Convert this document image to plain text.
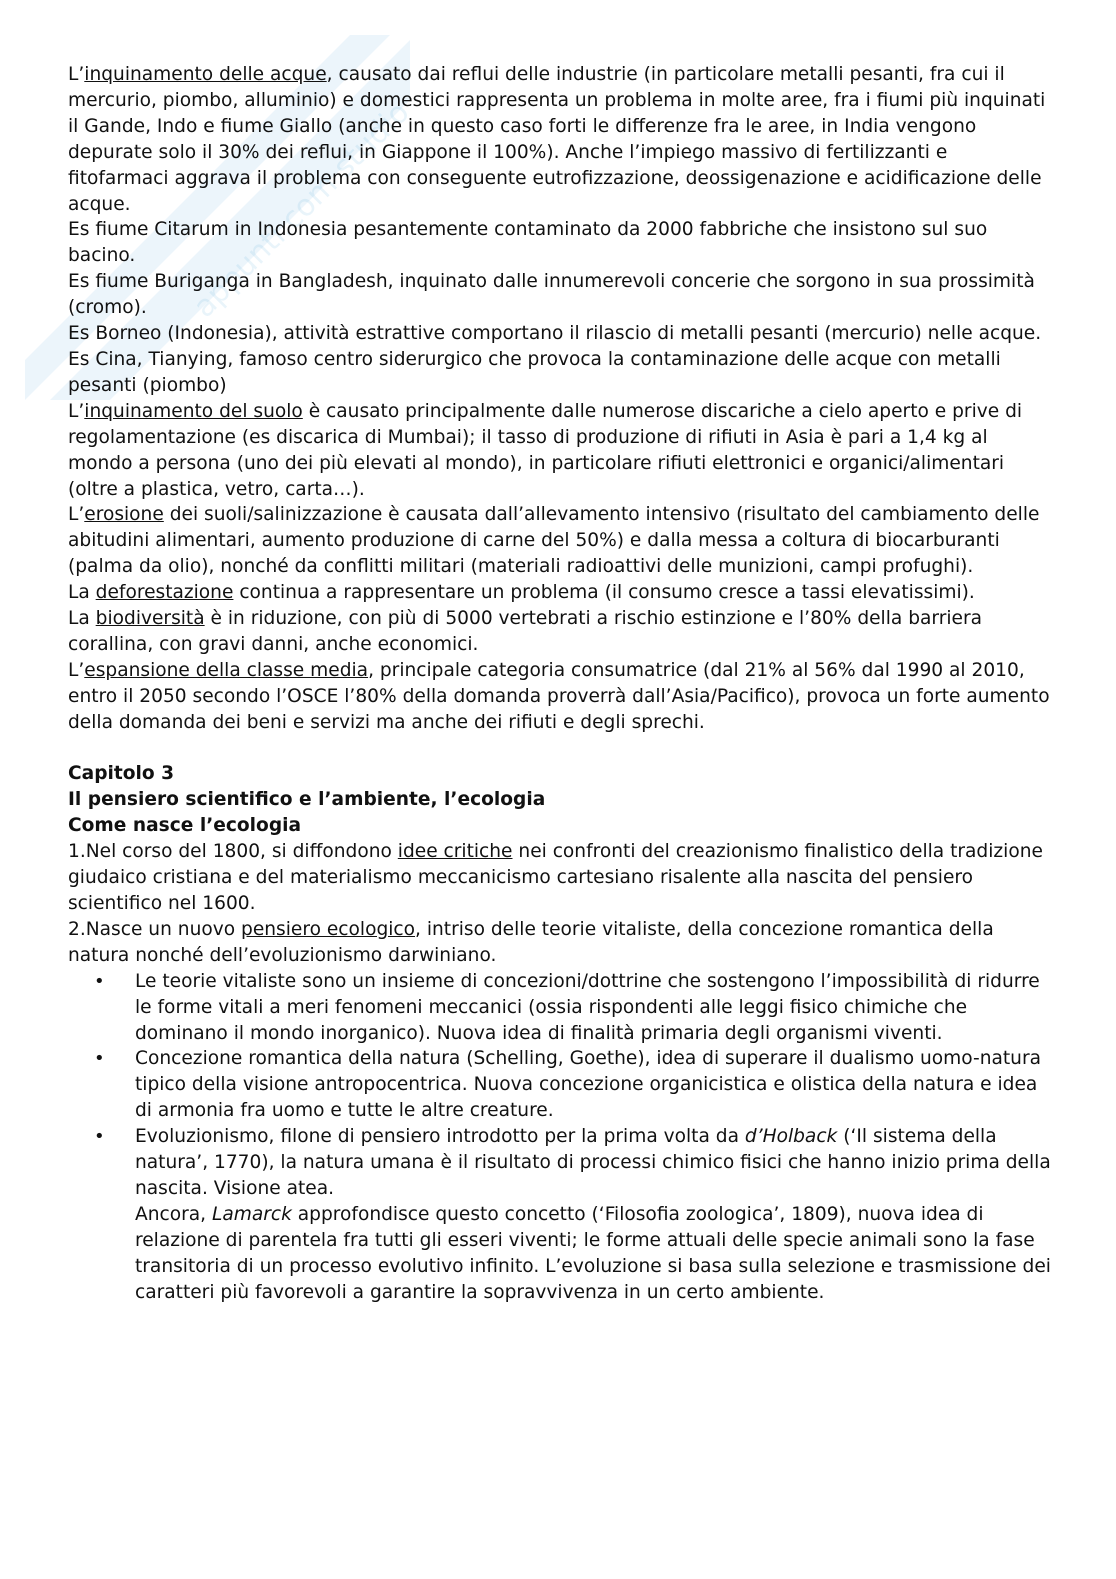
appunti.com studio

L’inquinamento delle acque, causato dai reflui delle industrie (in particolare metalli pesanti, fra cui il mercurio, piombo, alluminio) e domestici rappresenta un problema in molte aree, fra i fiumi più inquinati il Gande, Indo e fiume Giallo (anche in questo caso forti le differenze fra le aree, in India vengono depurate solo il 30% dei reflui, in Giappone il 100%). Anche l’impiego massivo di fertilizzanti e fitofarmaci aggrava il problema con conseguente eutrofizzazione, deossigenazione e acidificazione delle acque.

Es fiume Citarum in Indonesia pesantemente contaminato da 2000 fabbriche che insistono sul suo bacino.

Es fiume Buriganga in Bangladesh, inquinato dalle innumerevoli concerie che sorgono in sua prossimità (cromo).

Es Borneo (Indonesia), attività estrattive comportano il rilascio di metalli pesanti (mercurio) nelle acque.

Es Cina, Tianying, famoso centro siderurgico che provoca la contaminazione delle acque con metalli pesanti (piombo)

L’inquinamento del suolo è causato principalmente dalle numerose discariche a cielo aperto e prive di regolamentazione (es discarica di Mumbai); il tasso di produzione di rifiuti in Asia è pari a 1,4 kg al mondo a persona (uno dei più elevati al mondo), in particolare rifiuti elettronici e organici/alimentari (oltre a plastica, vetro, carta…).

L’erosione dei suoli/salinizzazione è causata dall’allevamento intensivo (risultato del cambiamento delle abitudini alimentari, aumento produzione di carne del 50%) e dalla messa a coltura di biocarburanti (palma da olio), nonché da conflitti militari (materiali radioattivi delle munizioni, campi profughi).

La deforestazione continua a rappresentare un problema (il consumo cresce a tassi elevatissimi).

La biodiversità è in riduzione, con più di 5000 vertebrati a rischio estinzione e l’80% della barriera corallina, con gravi danni, anche economici.

L’espansione della classe media, principale categoria consumatrice (dal 21% al 56% dal 1990 al 2010, entro il 2050 secondo l’OSCE l’80% della domanda proverrà dall’Asia/Pacifico), provoca un forte aumento della domanda dei beni e servizi ma anche dei rifiuti e degli sprechi.

Capitolo 3

Il pensiero scientifico e l’ambiente, l’ecologia

Come nasce l’ecologia

1.Nel corso del 1800, si diffondono idee critiche nei confronti del creazionismo finalistico della tradizione giudaico cristiana e del materialismo meccanicismo cartesiano risalente alla nascita del pensiero scientifico nel 1600.

2.Nasce un nuovo pensiero ecologico, intriso delle teorie vitaliste, della concezione romantica della natura nonché dell’evoluzionismo darwiniano.

• Le teorie vitaliste sono un insieme di concezioni/dottrine che sostengono l’impossibilità di ridurre le forme vitali a meri fenomeni meccanici (ossia rispondenti alle leggi fisico chimiche che dominano il mondo inorganico). Nuova idea di finalità primaria degli organismi viventi.
• Concezione romantica della natura (Schelling, Goethe), idea di superare il dualismo uomo-natura tipico della visione antropocentrica. Nuova concezione organicistica e olistica della natura e idea di armonia fra uomo e tutte le altre creature.
• Evoluzionismo, filone di pensiero introdotto per la prima volta da d’Holback (‘Il sistema della natura’, 1770), la natura umana è il risultato di processi chimico fisici che hanno inizio prima della nascita. Visione atea.
Ancora, Lamarck approfondisce questo concetto (‘Filosofia zoologica’, 1809), nuova idea di relazione di parentela fra tutti gli esseri viventi; le forme attuali delle specie animali sono la fase transitoria di un processo evolutivo infinito. L’evoluzione si basa sulla selezione e trasmissione dei caratteri più favorevoli a garantire la sopravvivenza in un certo ambiente.
